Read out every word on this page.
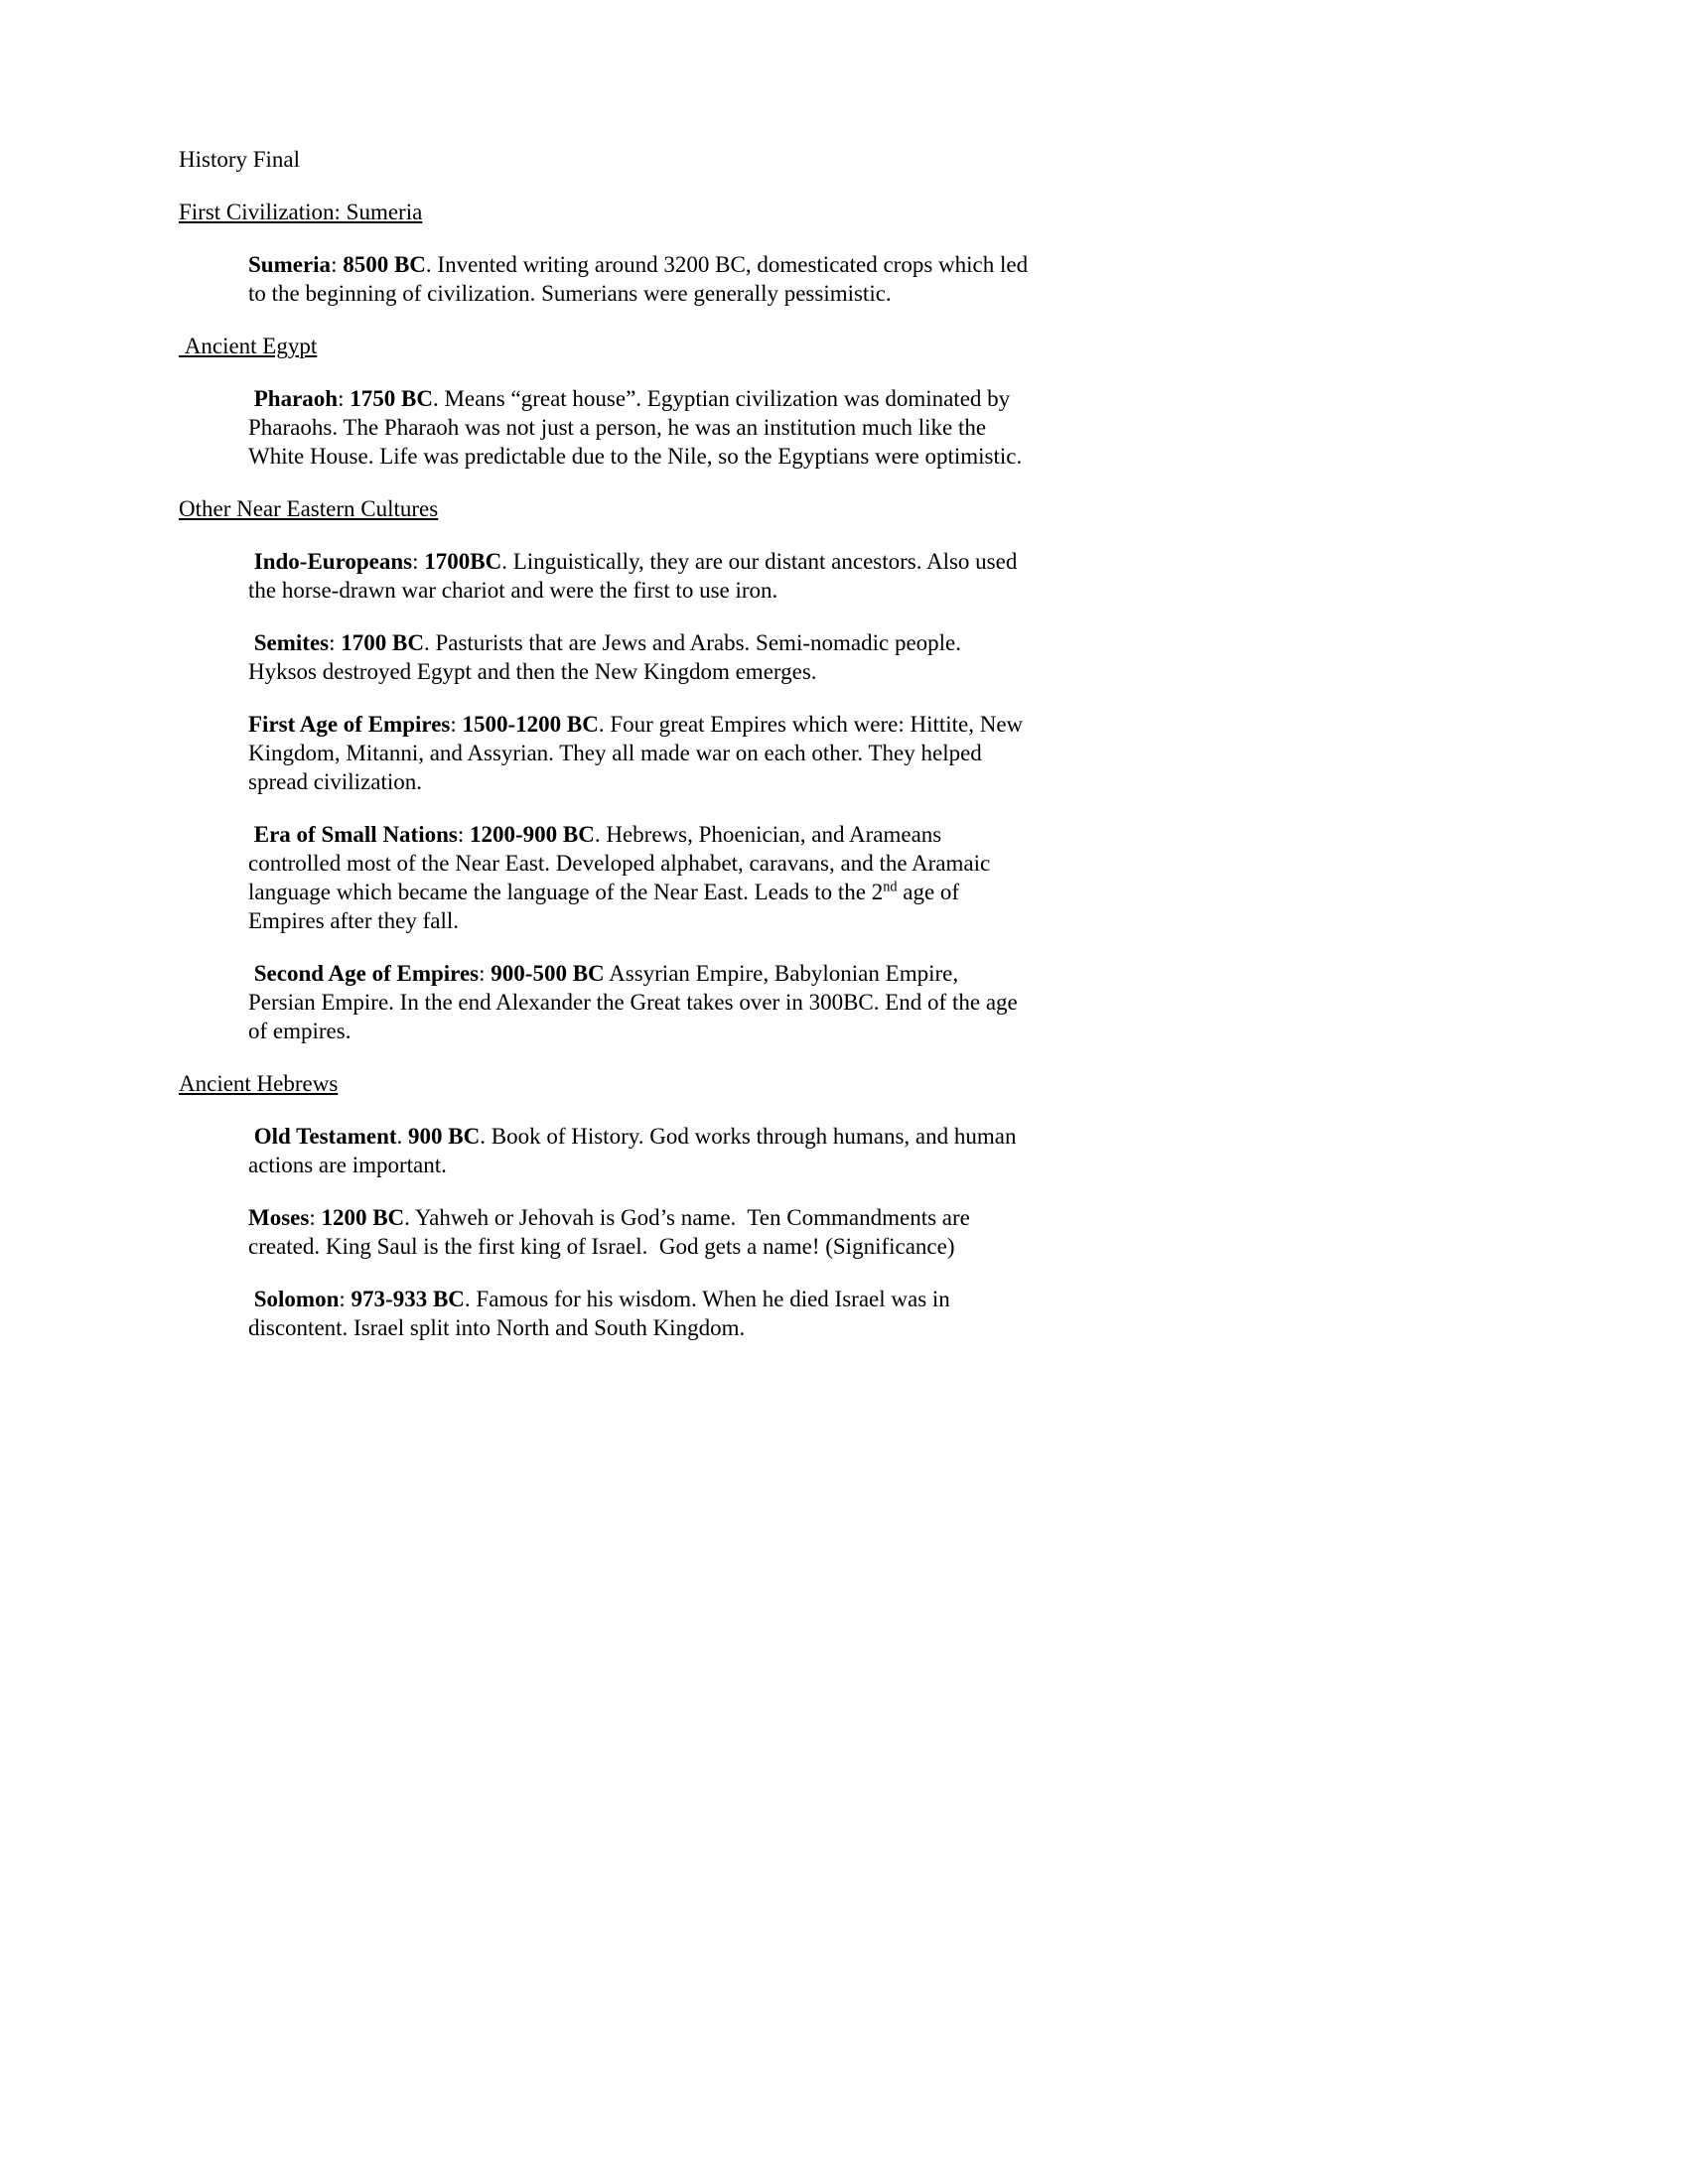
History Final

First Civilization: Sumeria

Sumeria: 8500 BC. Invented writing around 3200 BC, domesticated crops which led to the beginning of civilization. Sumerians were generally pessimistic.

Ancient Egypt

Pharaoh: 1750 BC. Means “great house”. Egyptian civilization was dominated by Pharaohs. The Pharaoh was not just a person, he was an institution much like the White House. Life was predictable due to the Nile, so the Egyptians were optimistic.

Other Near Eastern Cultures

Indo-Europeans: 1700BC. Linguistically, they are our distant ancestors. Also used the horse-drawn war chariot and were the first to use iron.

Semites: 1700 BC. Pasturists that are Jews and Arabs. Semi-nomadic people. Hyksos destroyed Egypt and then the New Kingdom emerges.

First Age of Empires: 1500-1200 BC. Four great Empires which were: Hittite, New Kingdom, Mitanni, and Assyrian. They all made war on each other. They helped spread civilization.

Era of Small Nations: 1200-900 BC. Hebrews, Phoenician, and Arameans controlled most of the Near East. Developed alphabet, caravans, and the Aramaic language which became the language of the Near East. Leads to the 2nd age of Empires after they fall.

Second Age of Empires: 900-500 BC Assyrian Empire, Babylonian Empire, Persian Empire. In the end Alexander the Great takes over in 300BC. End of the age of empires.

Ancient Hebrews

Old Testament. 900 BC. Book of History. God works through humans, and human actions are important.

Moses: 1200 BC. Yahweh or Jehovah is God’s name.  Ten Commandments are created. King Saul is the first king of Israel.  God gets a name! (Significance)

Solomon: 973-933 BC. Famous for his wisdom. When he died Israel was in discontent. Israel split into North and South Kingdom.
